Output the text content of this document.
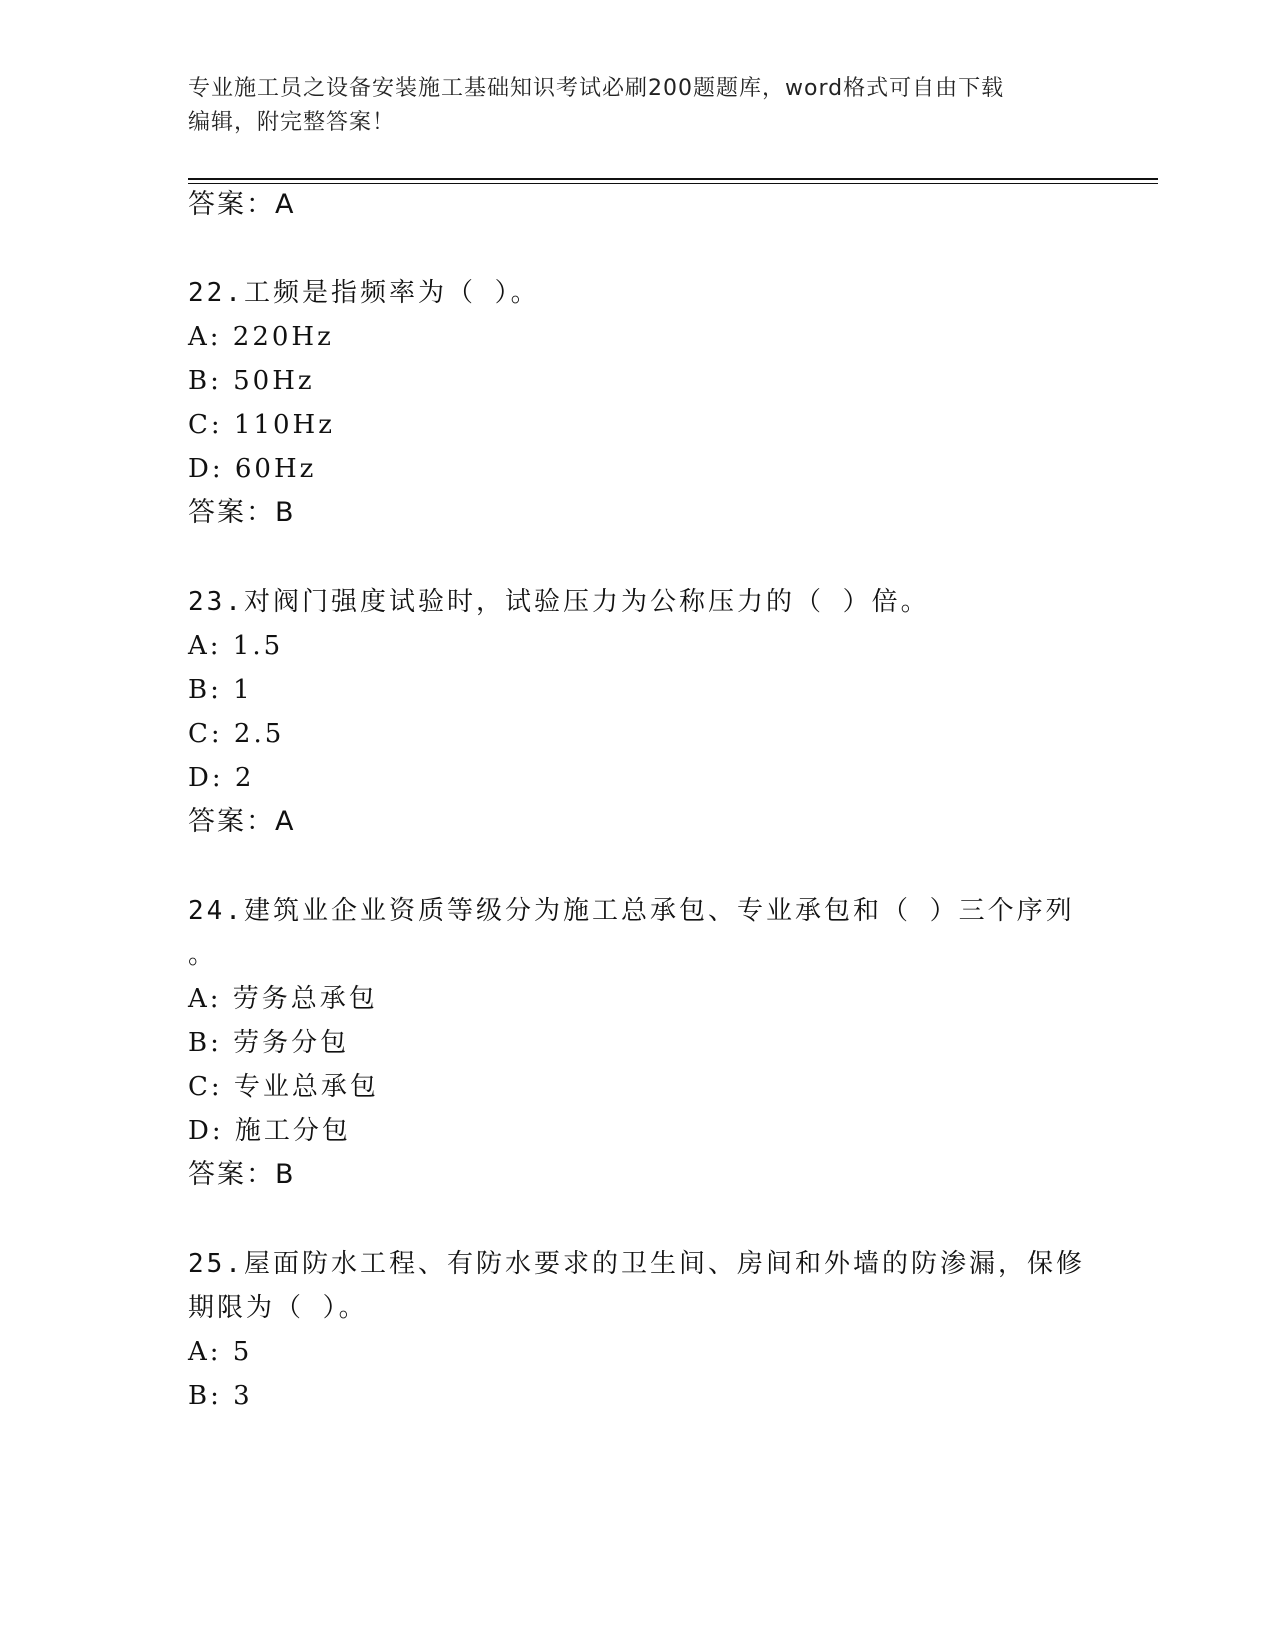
专业施工员之设备安装施工基础知识考试必刷200题题库，word格式可自由下载
编辑，附完整答案！
答案：A
22.工频是指频率为（ ）。
A: 220Hz
B: 50Hz
C: 110Hz
D: 60Hz
答案：B
23.对阀门强度试验时，试验压力为公称压力的（ ）倍。
A: 1.5
B: 1
C: 2.5
D: 2
答案：A
24.建筑业企业资质等级分为施工总承包、专业承包和（ ）三个序列
。
A: 劳务总承包
B: 劳务分包
C: 专业总承包
D: 施工分包
答案：B
25.屋面防水工程、有防水要求的卫生间、房间和外墙的防渗漏，保修
期限为（ ）。
A: 5
B: 3
